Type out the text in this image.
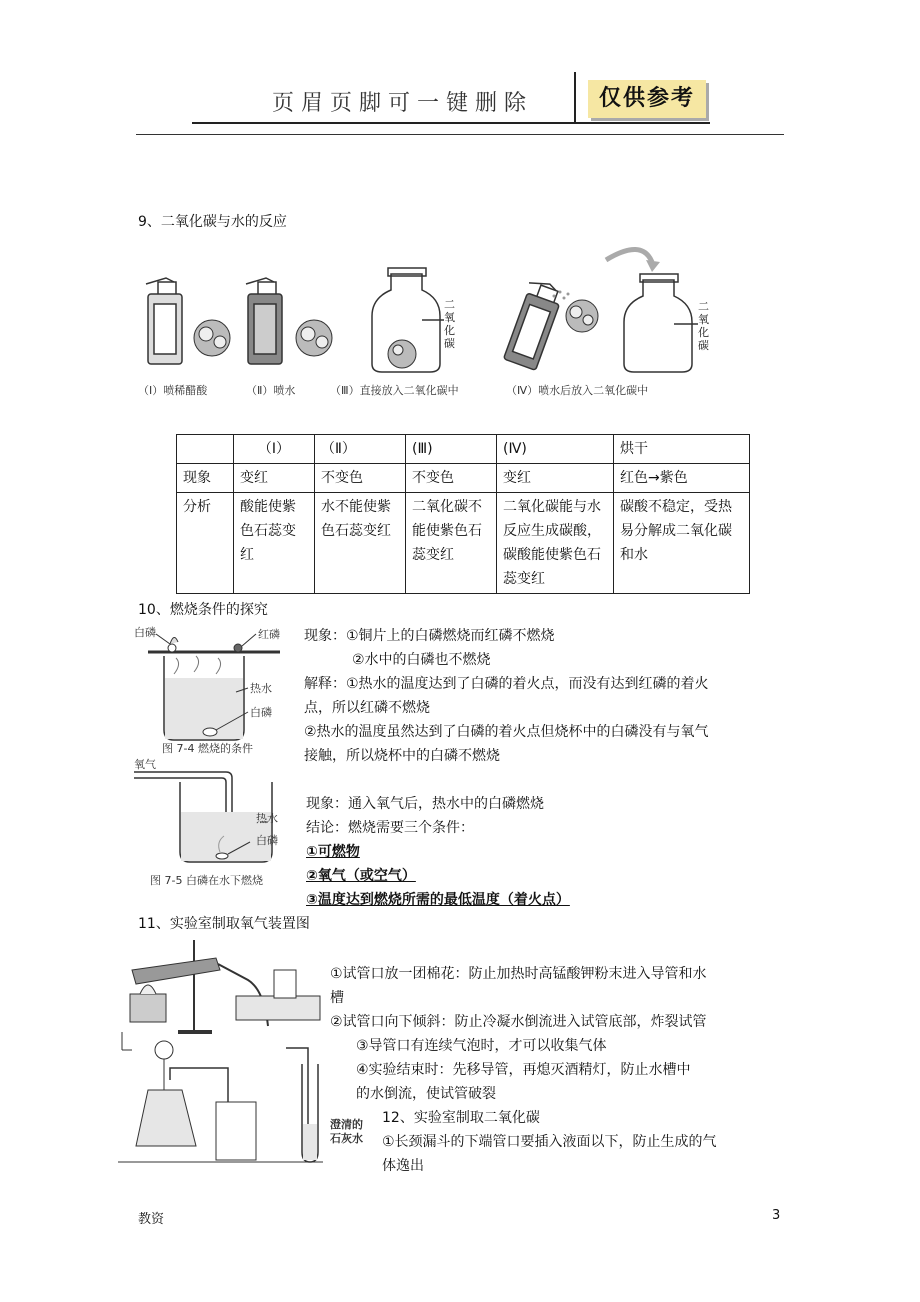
页眉页脚可一键删除	仅供参考
9、二氧化碳与水的反应
二氧化碳
二氧化碳
（Ⅰ）喷稀醋酸	（Ⅱ）喷水	（Ⅲ）直接放入二氧化碳中	（Ⅳ）喷水后放入二氧化碳中
	（Ⅰ）	（Ⅱ）	(Ⅲ)	(Ⅳ)	烘干
现象	变红	不变色	不变色	变红	红色→紫色
分析	酸能使紫色石蕊变红	水不能使紫色石蕊变红	二氧化碳不能使紫色石蕊变红	二氧化碳能与水反应生成碳酸，碳酸能使紫色石蕊变红	碳酸不稳定，受热易分解成二氧化碳和水
10、燃烧条件的探究
白磷	红磷
热水
白磷
图 7-4 燃烧的条件
氧气
热水
白磷
图 7-5 白磷在水下燃烧
现象：①铜片上的白磷燃烧而红磷不燃烧
②水中的白磷也不燃烧
解释：①热水的温度达到了白磷的着火点，而没有达到红磷的着火
点，所以红磷不燃烧
②热水的温度虽然达到了白磷的着火点但烧杯中的白磷没有与氧气
接触，所以烧杯中的白磷不燃烧
现象：通入氧气后，热水中的白磷燃烧
结论：燃烧需要三个条件：
①可燃物
②氧气（或空气）
③温度达到燃烧所需的最低温度（着火点）
11、实验室制取氧气装置图
澄清的石灰水
①试管口放一团棉花：防止加热时高锰酸钾粉末进入导管和水
槽
②试管口向下倾斜：防止冷凝水倒流进入试管底部，炸裂试管
③导管口有连续气泡时，才可以收集气体
④实验结束时：先移导管，再熄灭酒精灯，防止水槽中
的水倒流，使试管破裂
12、实验室制取二氧化碳
①长颈漏斗的下端管口要插入液面以下，防止生成的气
体逸出
教资	3
